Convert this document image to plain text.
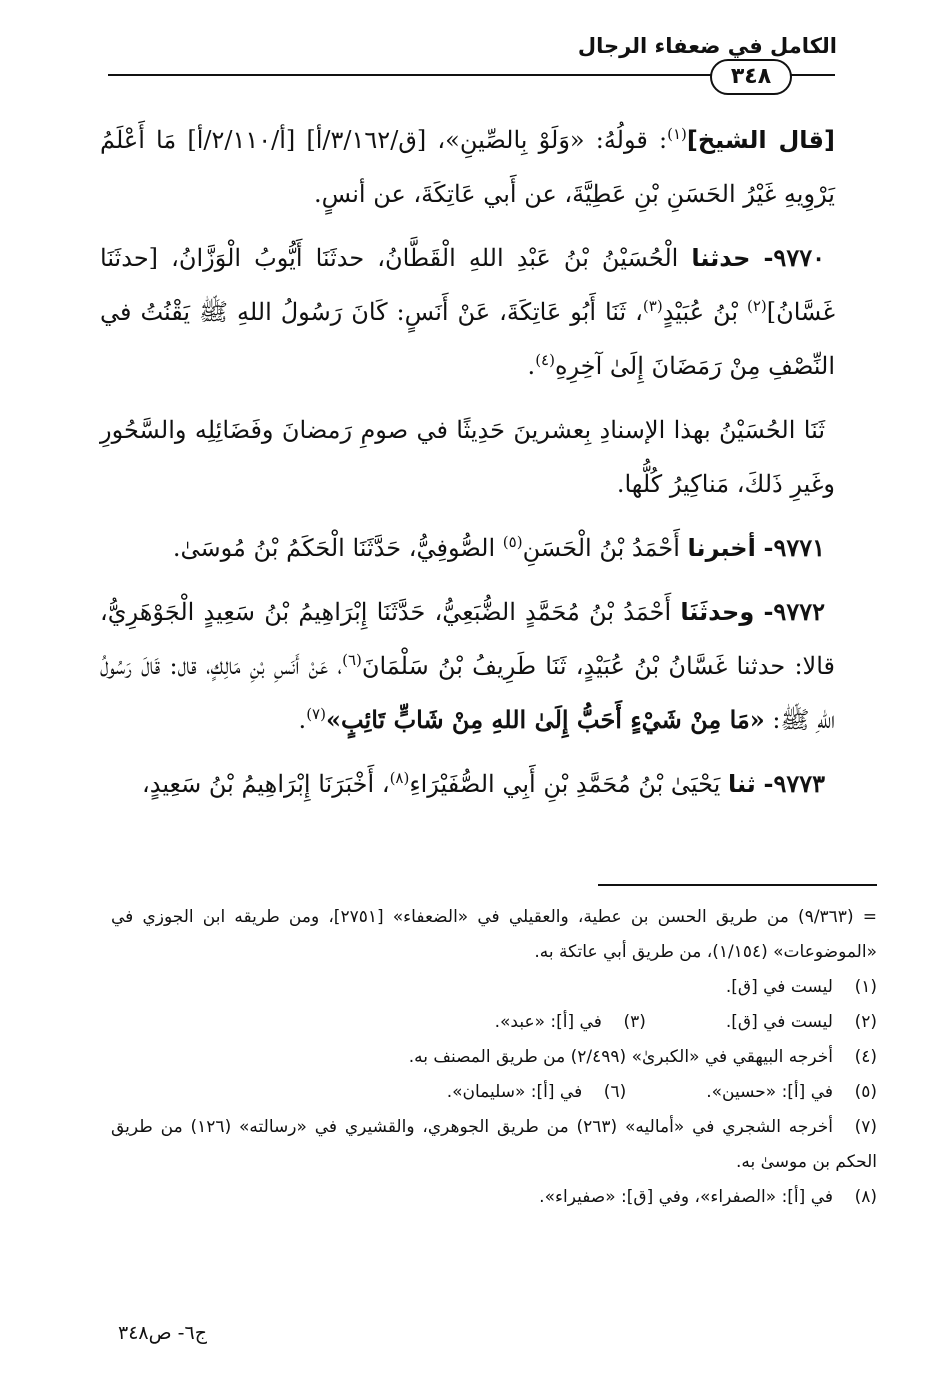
الكامل في ضعفاء الرجال
٣٤٨

[قال الشيخ]$^{(١)}$: قولُهُ: «وَلَوْ بِالصِّينِ»، [ق/٣/١٦٢/أ] [أ/٢/١١٠/أ] مَا أَعْلَمُ يَرْوِيهِ غَيْرُ الحَسَنِ بْنِ عَطِيَّةَ، عن أَبي عَاتِكَةَ، عن أنسٍ.

٩٧٧٠- حدثنا الْحُسَيْنُ بْنُ عَبْدِ اللهِ الْقَطَّانُ، حدثَنَا أَيُّوبُ الْوَزَّانُ، [حدثَنَا غَسَّانُ]$^{(٢)}$ بْنُ عُبَيْدٍ$^{(٣)}$، ثَنَا أَبُو عَاتِكَةَ، عَنْ أَنَسٍ: كَانَ رَسُولُ اللهِ ﷺ يَقْنُتُ في النِّصْفِ مِنْ رَمَضَانَ إِلَىٰ آخِرِهِ$^{(٤)}$.

ثَنَا الحُسَيْنُ بهذا الإسنادِ بِعشرينَ حَدِيثًا في صومِ رَمضانَ وفَضَائِلِه والسَّحُورِ وغَيرِ ذَلكَ، مَناكِيرُ كُلُّها.

٩٧٧١- أخبرنا أَحْمَدُ بْنُ الْحَسَنِ$^{(٥)}$ الصُّوفِيُّ، حَدَّثَنَا الْحَكَمُ بْنُ مُوسَىٰ.

٩٧٧٢- وحدثَنَا أَحْمَدُ بْنُ مُحَمَّدٍ الضُّبَعِيُّ، حَدَّثَنَا إِبْرَاهِيمُ بْنُ سَعِيدٍ الْجَوْهَرِيُّ، قالا: حدثنا غَسَّانُ بْنُ عُبَيْدٍ، ثَنَا طَرِيفُ بْنُ سَلْمَانَ$^{(٦)}$، عَنْ أَنَسِ بْنِ مَالِكٍ، قال: قَالَ رَسُولُ اللهِ ﷺ: «مَا مِنْ شَيْءٍ أَحَبُّ إِلَىٰ اللهِ مِنْ شَابٍّ تَائِبٍ»$^{(٧)}$.

٩٧٧٣- ثنا يَحْيَىٰ بْنُ مُحَمَّدِ بْنِ أَبِي الصُّفَيْرَاءِ$^{(٨)}$، أَخْبَرَنَا إِبْرَاهِيمُ بْنُ سَعِيدٍ،

= (٩/٣٦٣) من طريق الحسن بن عطية، والعقيلي في «الضعفاء» [٢٧٥١]، ومن طريقه ابن الجوزي في «الموضوعات» (١/١٥٤)، من طريق أبي عاتكة به.

(١)ليست في [ق].

(٢)ليست في [ق].(٣)في [أ]: «عبد».

(٤)أخرجه البيهقي في «الكبرىٰ» (٢/٤٩٩) من طريق المصنف به.

(٥)في [أ]: «حسين».(٦)في [أ]: «سليمان».

(٧)أخرجه الشجري في «أماليه» (٢٦٣) من طريق الجوهري، والقشيري في «رسالته» (١٢٦) من طريق الحكم بن موسىٰ به.

(٨)في [أ]: «الصفراء»، وفي [ق]: «صفيراء».

ج٦- ص٣٤٨
